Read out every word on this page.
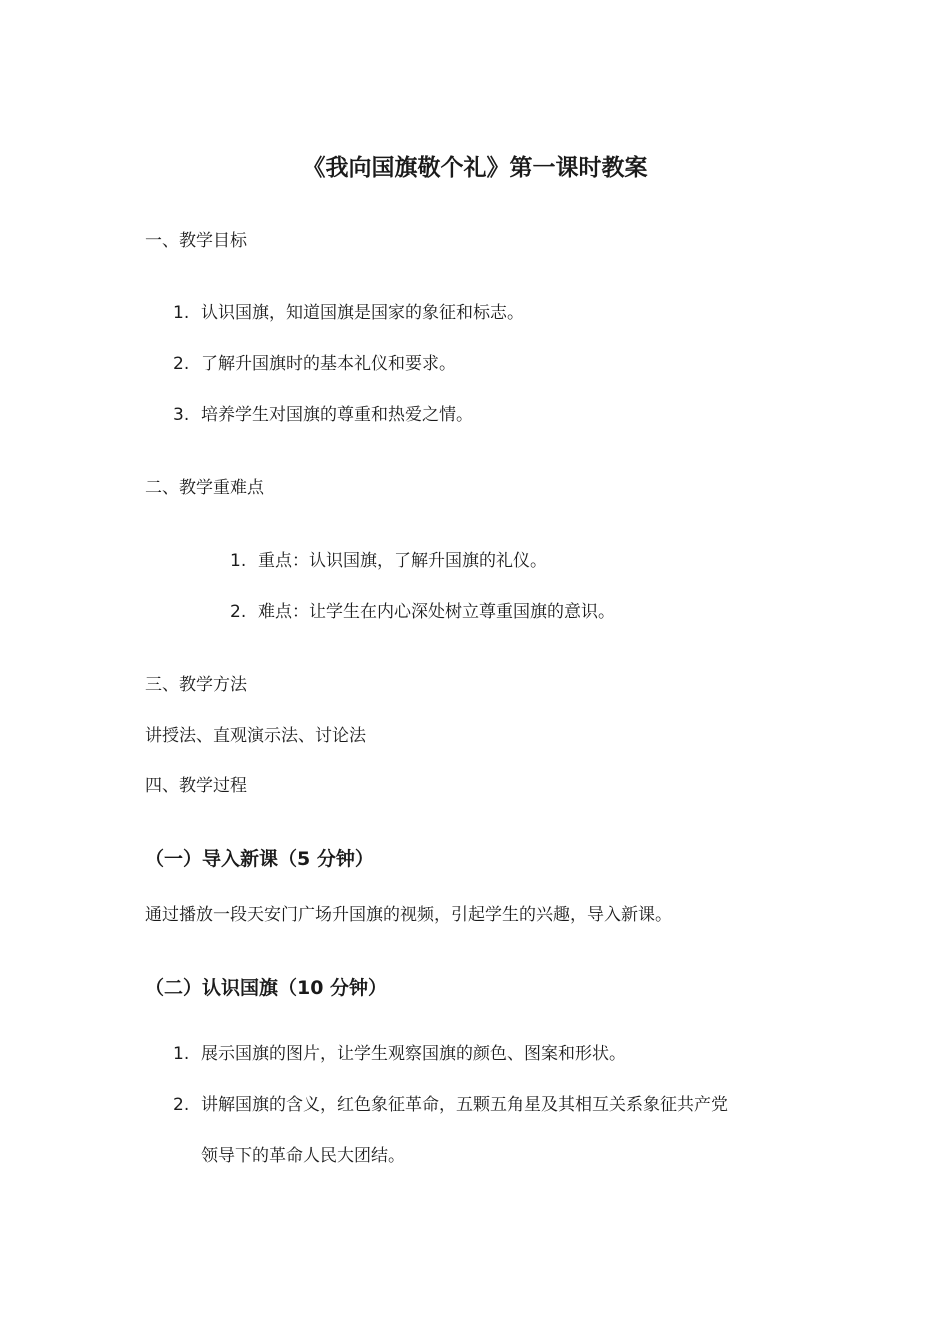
《我向国旗敬个礼》第一课时教案
一、教学目标
1. 认识国旗，知道国旗是国家的象征和标志。
2. 了解升国旗时的基本礼仪和要求。
3. 培养学生对国旗的尊重和热爱之情。
二、教学重难点
1. 重点：认识国旗，了解升国旗的礼仪。
2. 难点：让学生在内心深处树立尊重国旗的意识。
三、教学方法
讲授法、直观演示法、讨论法
四、教学过程
（一）导入新课（5 分钟）
通过播放一段天安门广场升国旗的视频，引起学生的兴趣，导入新课。
（二）认识国旗（10 分钟）
1. 展示国旗的图片，让学生观察国旗的颜色、图案和形状。
2. 讲解国旗的含义，红色象征革命，五颗五角星及其相互关系象征共产党
领导下的革命人民大团结。
